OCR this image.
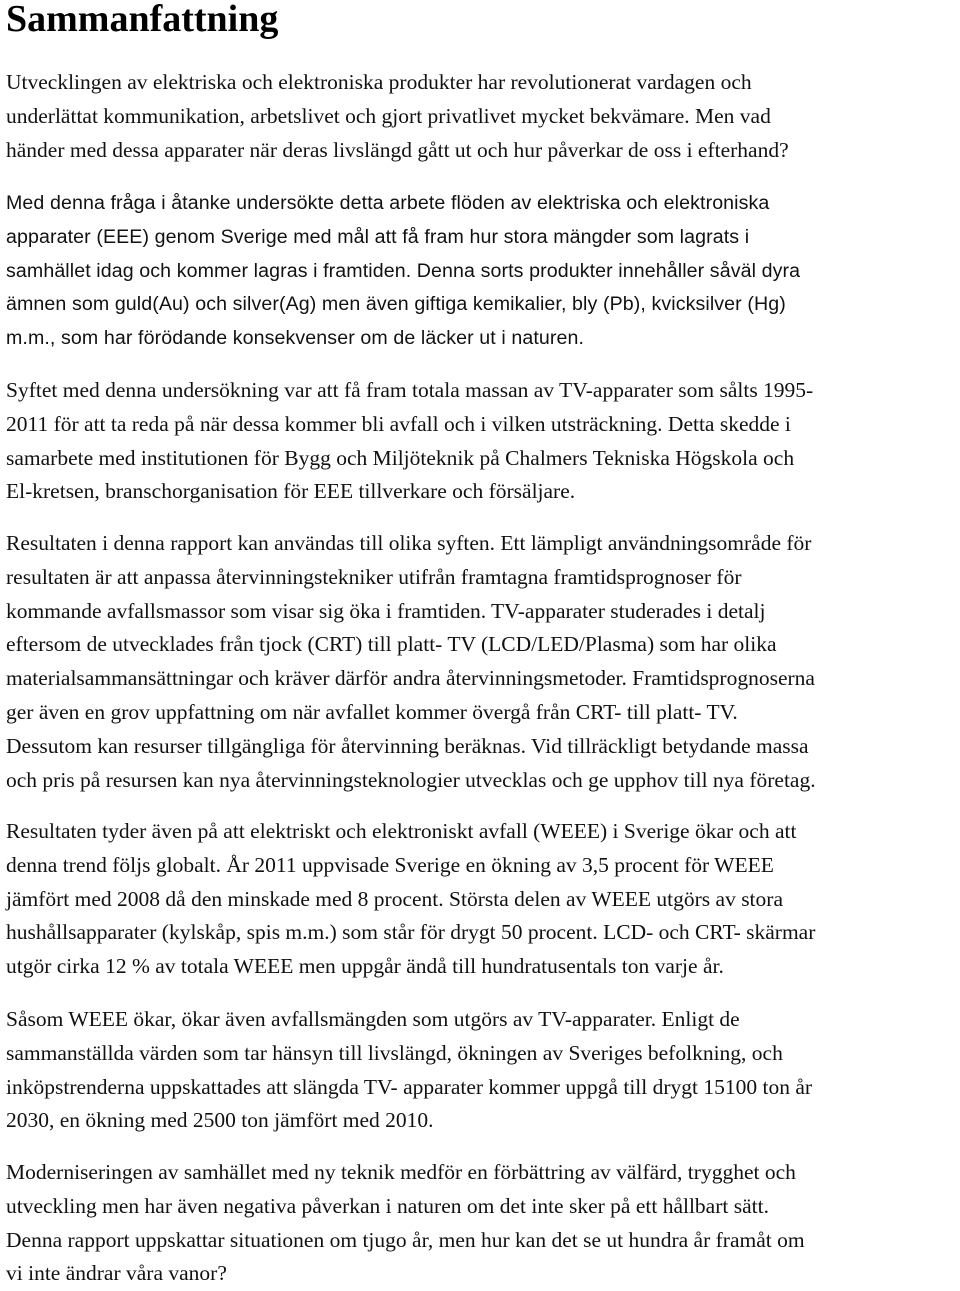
Sammanfattning
Utvecklingen av elektriska och elektroniska produkter har revolutionerat vardagen och
underlättat kommunikation, arbetslivet och gjort privatlivet mycket bekvämare. Men vad
händer med dessa apparater när deras livslängd gått ut och hur påverkar de oss i efterhand?
Med denna fråga i åtanke undersökte detta arbete flöden av elektriska och elektroniska
apparater (EEE) genom Sverige med mål att få fram hur stora mängder som lagrats i
samhället idag och kommer lagras i framtiden. Denna sorts produkter innehåller såväl dyra
ämnen som guld(Au) och silver(Ag) men även giftiga kemikalier, bly (Pb), kvicksilver (Hg)
m.m., som har förödande konsekvenser om de läcker ut i naturen.
Syftet med denna undersökning var att få fram totala massan av TV-apparater som sålts 1995-
2011 för att ta reda på när dessa kommer bli avfall och i vilken utsträckning. Detta skedde i
samarbete med institutionen för Bygg och Miljöteknik på Chalmers Tekniska Högskola och
El-kretsen, branschorganisation för EEE tillverkare och försäljare.
Resultaten i denna rapport kan användas till olika syften. Ett lämpligt användningsområde för
resultaten är att anpassa återvinningstekniker utifrån framtagna framtidsprognoser för
kommande avfallsmassor som visar sig öka i framtiden. TV-apparater studerades i detalj
eftersom de utvecklades från tjock (CRT) till platt- TV (LCD/LED/Plasma) som har olika
materialsammansättningar och kräver därför andra återvinningsmetoder. Framtidsprognoserna
ger även en grov uppfattning om när avfallet kommer övergå från CRT- till platt- TV.
Dessutom kan resurser tillgängliga för återvinning beräknas. Vid tillräckligt betydande massa
och pris på resursen kan nya återvinningsteknologier utvecklas och ge upphov till nya företag.
Resultaten tyder även på att elektriskt och elektroniskt avfall (WEEE) i Sverige ökar och att
denna trend följs globalt. År 2011 uppvisade Sverige en ökning av 3,5 procent för WEEE
jämfört med 2008 då den minskade med 8 procent. Största delen av WEEE utgörs av stora
hushållsapparater (kylskåp, spis m.m.) som står för drygt 50 procent. LCD- och CRT- skärmar
utgör cirka 12 % av totala WEEE men uppgår ändå till hundratusentals ton varje år.
Såsom WEEE ökar, ökar även avfallsmängden som utgörs av TV-apparater. Enligt de
sammanställda värden som tar hänsyn till livslängd, ökningen av Sveriges befolkning, och
inköpstrenderna uppskattades att slängda TV- apparater kommer uppgå till drygt 15100 ton år
2030, en ökning med 2500 ton jämfört med 2010.
Moderniseringen av samhället med ny teknik medför en förbättring av välfärd, trygghet och
utveckling men har även negativa påverkan i naturen om det inte sker på ett hållbart sätt.
Denna rapport uppskattar situationen om tjugo år, men hur kan det se ut hundra år framåt om
vi inte ändrar våra vanor?
